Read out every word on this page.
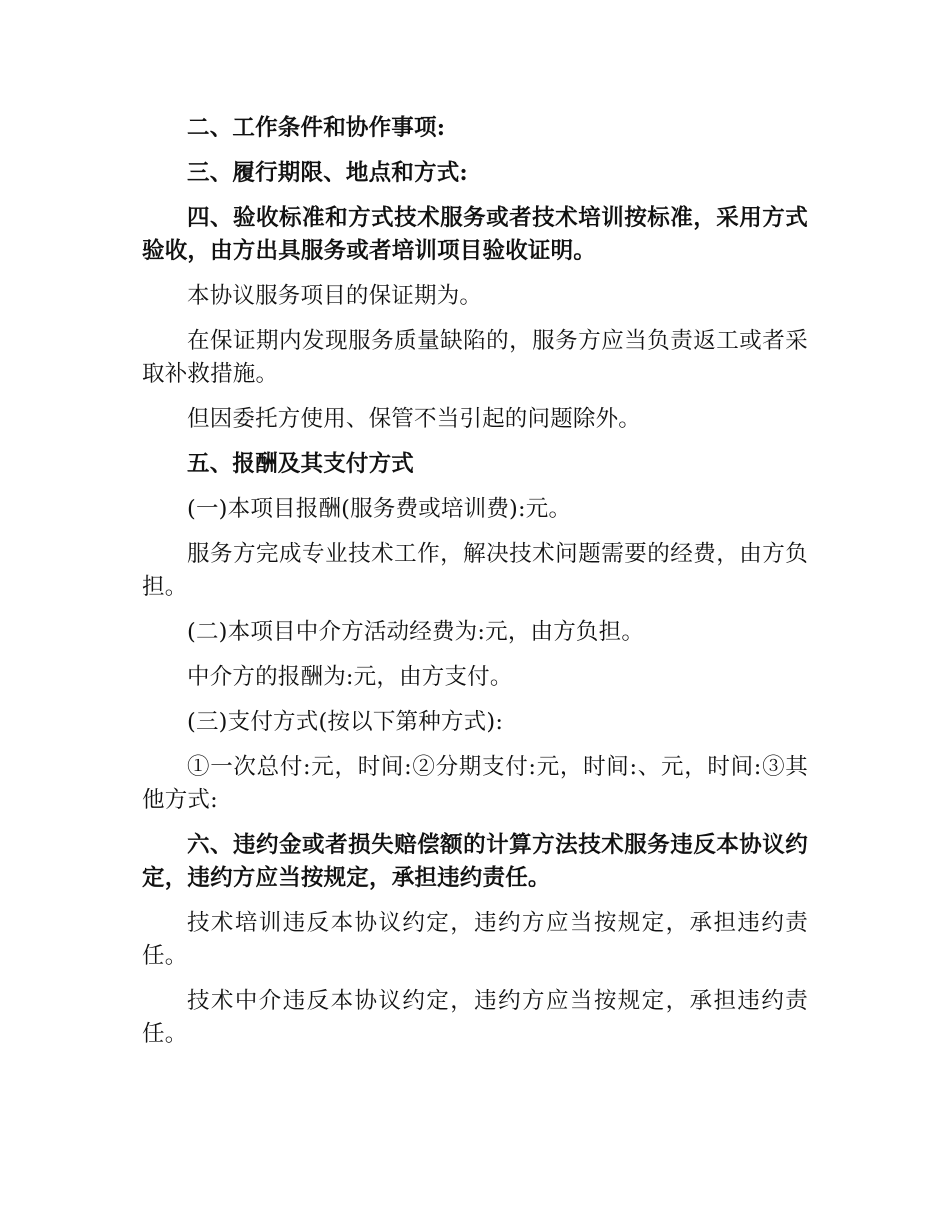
二、工作条件和协作事项:

三、履行期限、地点和方式:

四、验收标准和方式技术服务或者技术培训按标准，采用方式验收，由方出具服务或者培训项目验收证明。

本协议服务项目的保证期为。

在保证期内发现服务质量缺陷的，服务方应当负责返工或者采取补救措施。

但因委托方使用、保管不当引起的问题除外。

五、报酬及其支付方式

(一)本项目报酬(服务费或培训费):元。

服务方完成专业技术工作，解决技术问题需要的经费，由方负担。

(二)本项目中介方活动经费为:元，由方负担。

中介方的报酬为:元，由方支付。

(三)支付方式(按以下第种方式):

①一次总付:元，时间:②分期支付:元，时间:、元，时间:③其他方式:

六、违约金或者损失赔偿额的计算方法技术服务违反本协议约定，违约方应当按规定，承担违约责任。

技术培训违反本协议约定，违约方应当按规定，承担违约责任。

技术中介违反本协议约定，违约方应当按规定，承担违约责任。
